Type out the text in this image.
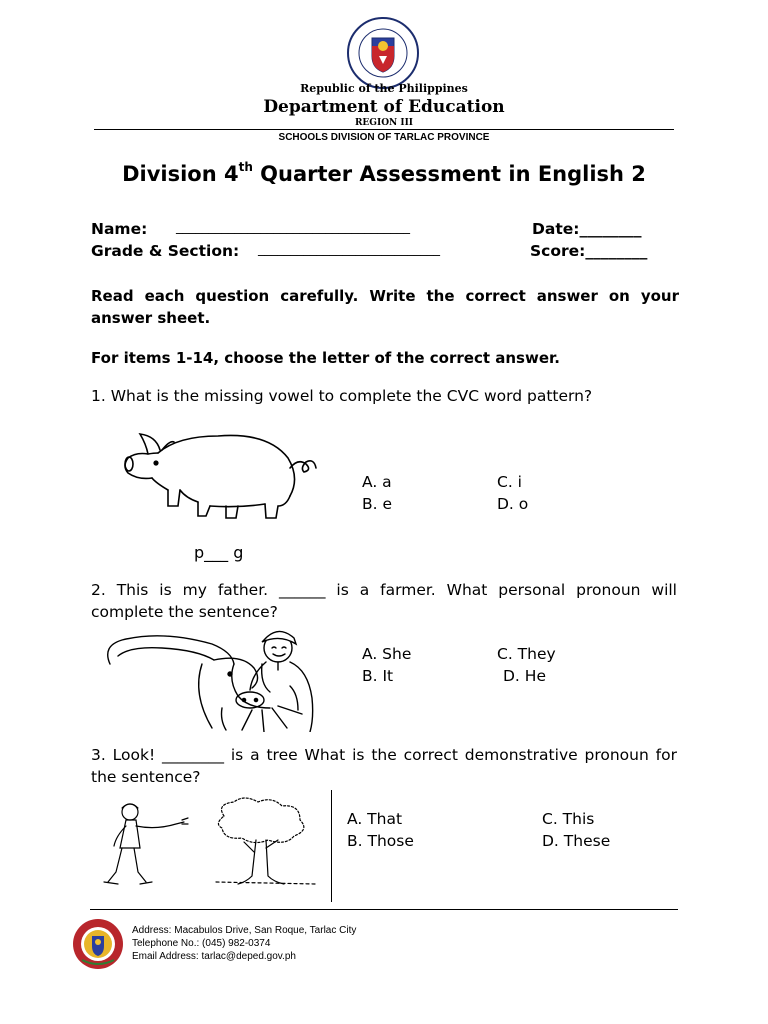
Republic of the Philippines
Department of Education
REGION III
SCHOOLS DIVISION OF TARLAC PROVINCE
Division 4th Quarter Assessment in English 2
Name: ____________________________________	Date:________
Grade & Section: ____________________________	Score:________
Read each question carefully. Write the correct answer on your answer sheet.
For items 1-14, choose the letter of the correct answer.
1. What is the missing vowel to complete the CVC word pattern?
A. a	C. i
B. e	D. o
p___ g
2. This is my father. ______ is a farmer. What personal pronoun will complete the sentence?
A. She	C. They
B. It	D. He
3. Look! ________ is a tree What is the correct demonstrative pronoun for the sentence?
A. That	C. This
B. Those	D. These
Address: Macabulos Drive, San Roque, Tarlac City
Telephone No.: (045) 982-0374
Email Address: tarlac@deped.gov.ph
